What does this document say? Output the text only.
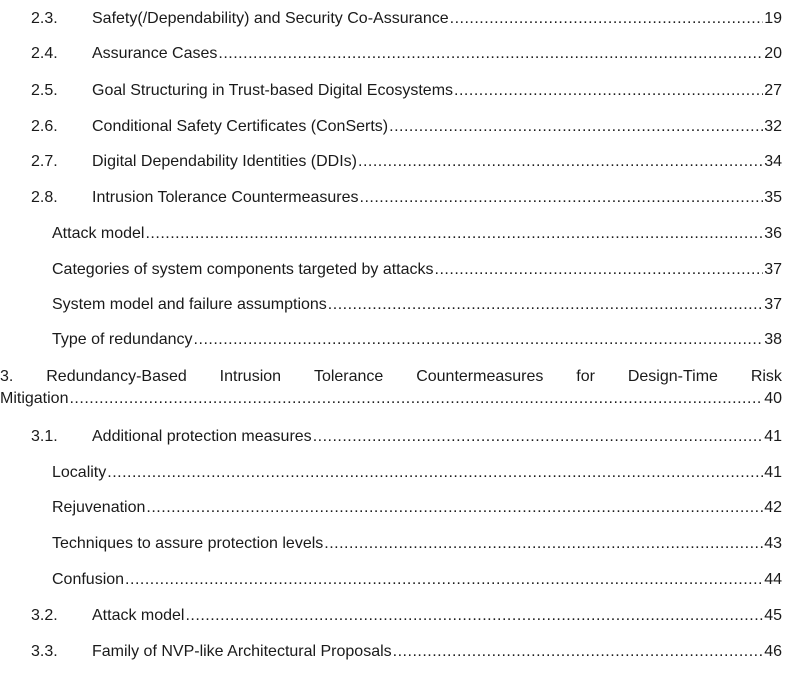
2.3. Safety(/Dependability) and Security Co-Assurance .....	19
2.4. Assurance Cases .....	20
2.5. Goal Structuring in Trust-based Digital Ecosystems .....	27
2.6. Conditional Safety Certificates (ConSerts) .....	32
2.7. Digital Dependability Identities (DDIs) .....	34
2.8. Intrusion Tolerance Countermeasures .....	35
Attack model .....	36
Categories of system components targeted by attacks .....	37
System model and failure assumptions .....	37
Type of redundancy .....	38
3. Redundancy-Based Intrusion Tolerance Countermeasures for Design-Time Risk
Mitigation .....	40
3.1. Additional protection measures .....	41
Locality .....	41
Rejuvenation .....	42
Techniques to assure protection levels .....	43
Confusion .....	44
3.2. Attack model .....	45
3.3. Family of NVP-like Architectural Proposals .....	46
